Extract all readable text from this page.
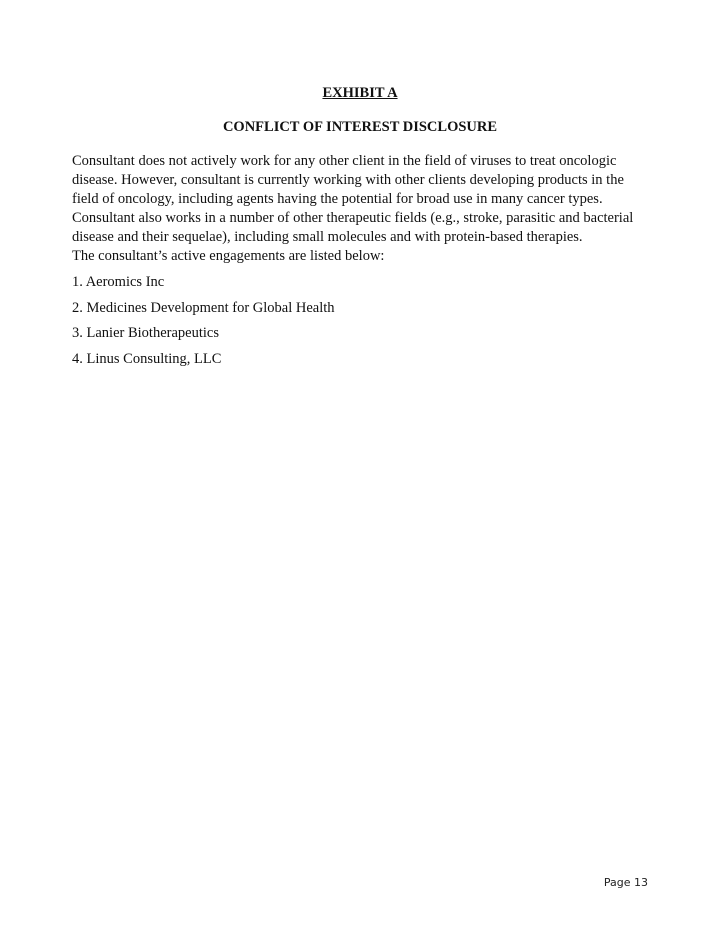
EXHIBIT A
CONFLICT OF INTEREST DISCLOSURE

Consultant does not actively work for any other client in the field of viruses to treat oncologic disease. However, consultant is currently working with other clients developing products in the field of oncology, including agents having the potential for broad use in many cancer types. Consultant also works in a number of other therapeutic fields (e.g., stroke, parasitic and bacterial disease and their sequelae), including small molecules and with protein-based therapies.

The consultant’s active engagements are listed below:

1. Aeromics Inc
2. Medicines Development for Global Health
3. Lanier Biotherapeutics
4. Linus Consulting, LLC
Page 13
